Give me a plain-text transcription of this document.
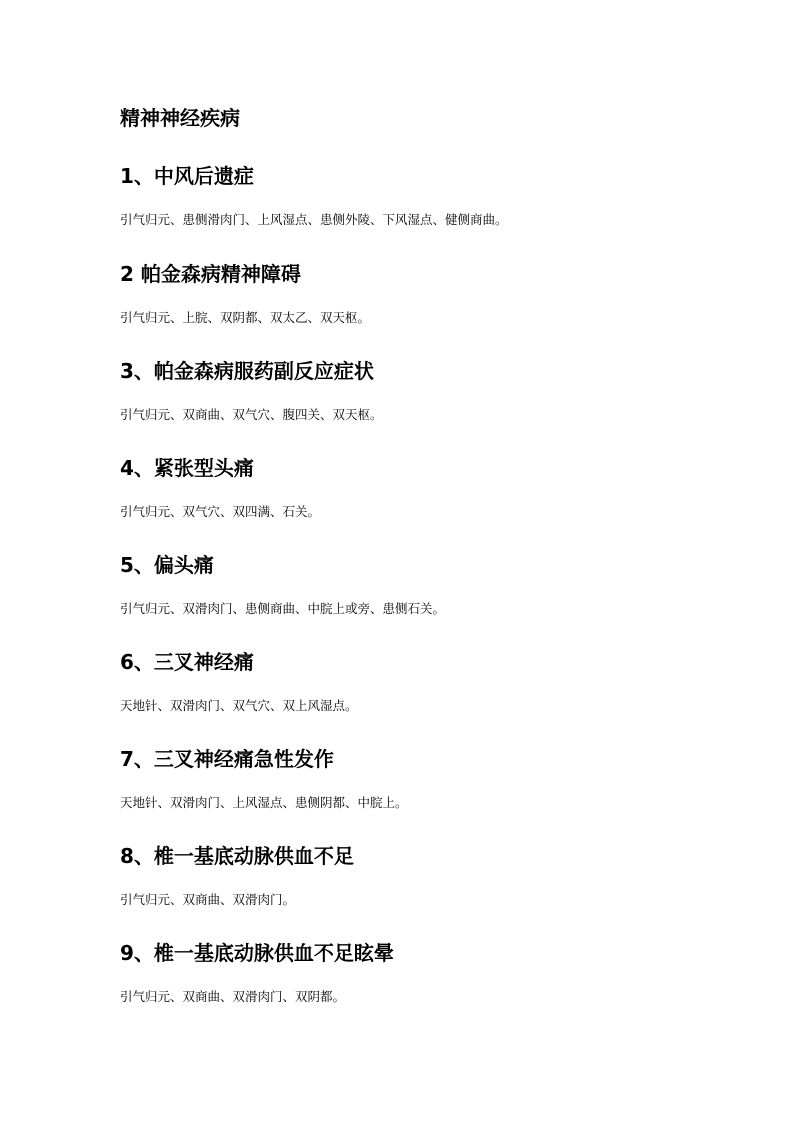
精神神经疾病
1、中风后遗症

引气归元、患侧滑肉门、上风湿点、患侧外陵、下风湿点、健侧商曲。

2 帕金森病精神障碍

引气归元、上脘、双阴都、双太乙、双天枢。

3、帕金森病服药副反应症状

引气归元、双商曲、双气穴、腹四关、双天枢。

4、紧张型头痛

引气归元、双气穴、双四满、石关。

5、偏头痛

引气归元、双滑肉门、患侧商曲、中脘上或旁、患侧石关。

6、三叉神经痛

天地针、双滑肉门、双气穴、双上风湿点。

7、三叉神经痛急性发作

天地针、双滑肉门、上风湿点、患侧阴都、中脘上。

8、椎一基底动脉供血不足

引气归元、双商曲、双滑肉门。

9、椎一基底动脉供血不足眩晕

引气归元、双商曲、双滑肉门、双阴都。
